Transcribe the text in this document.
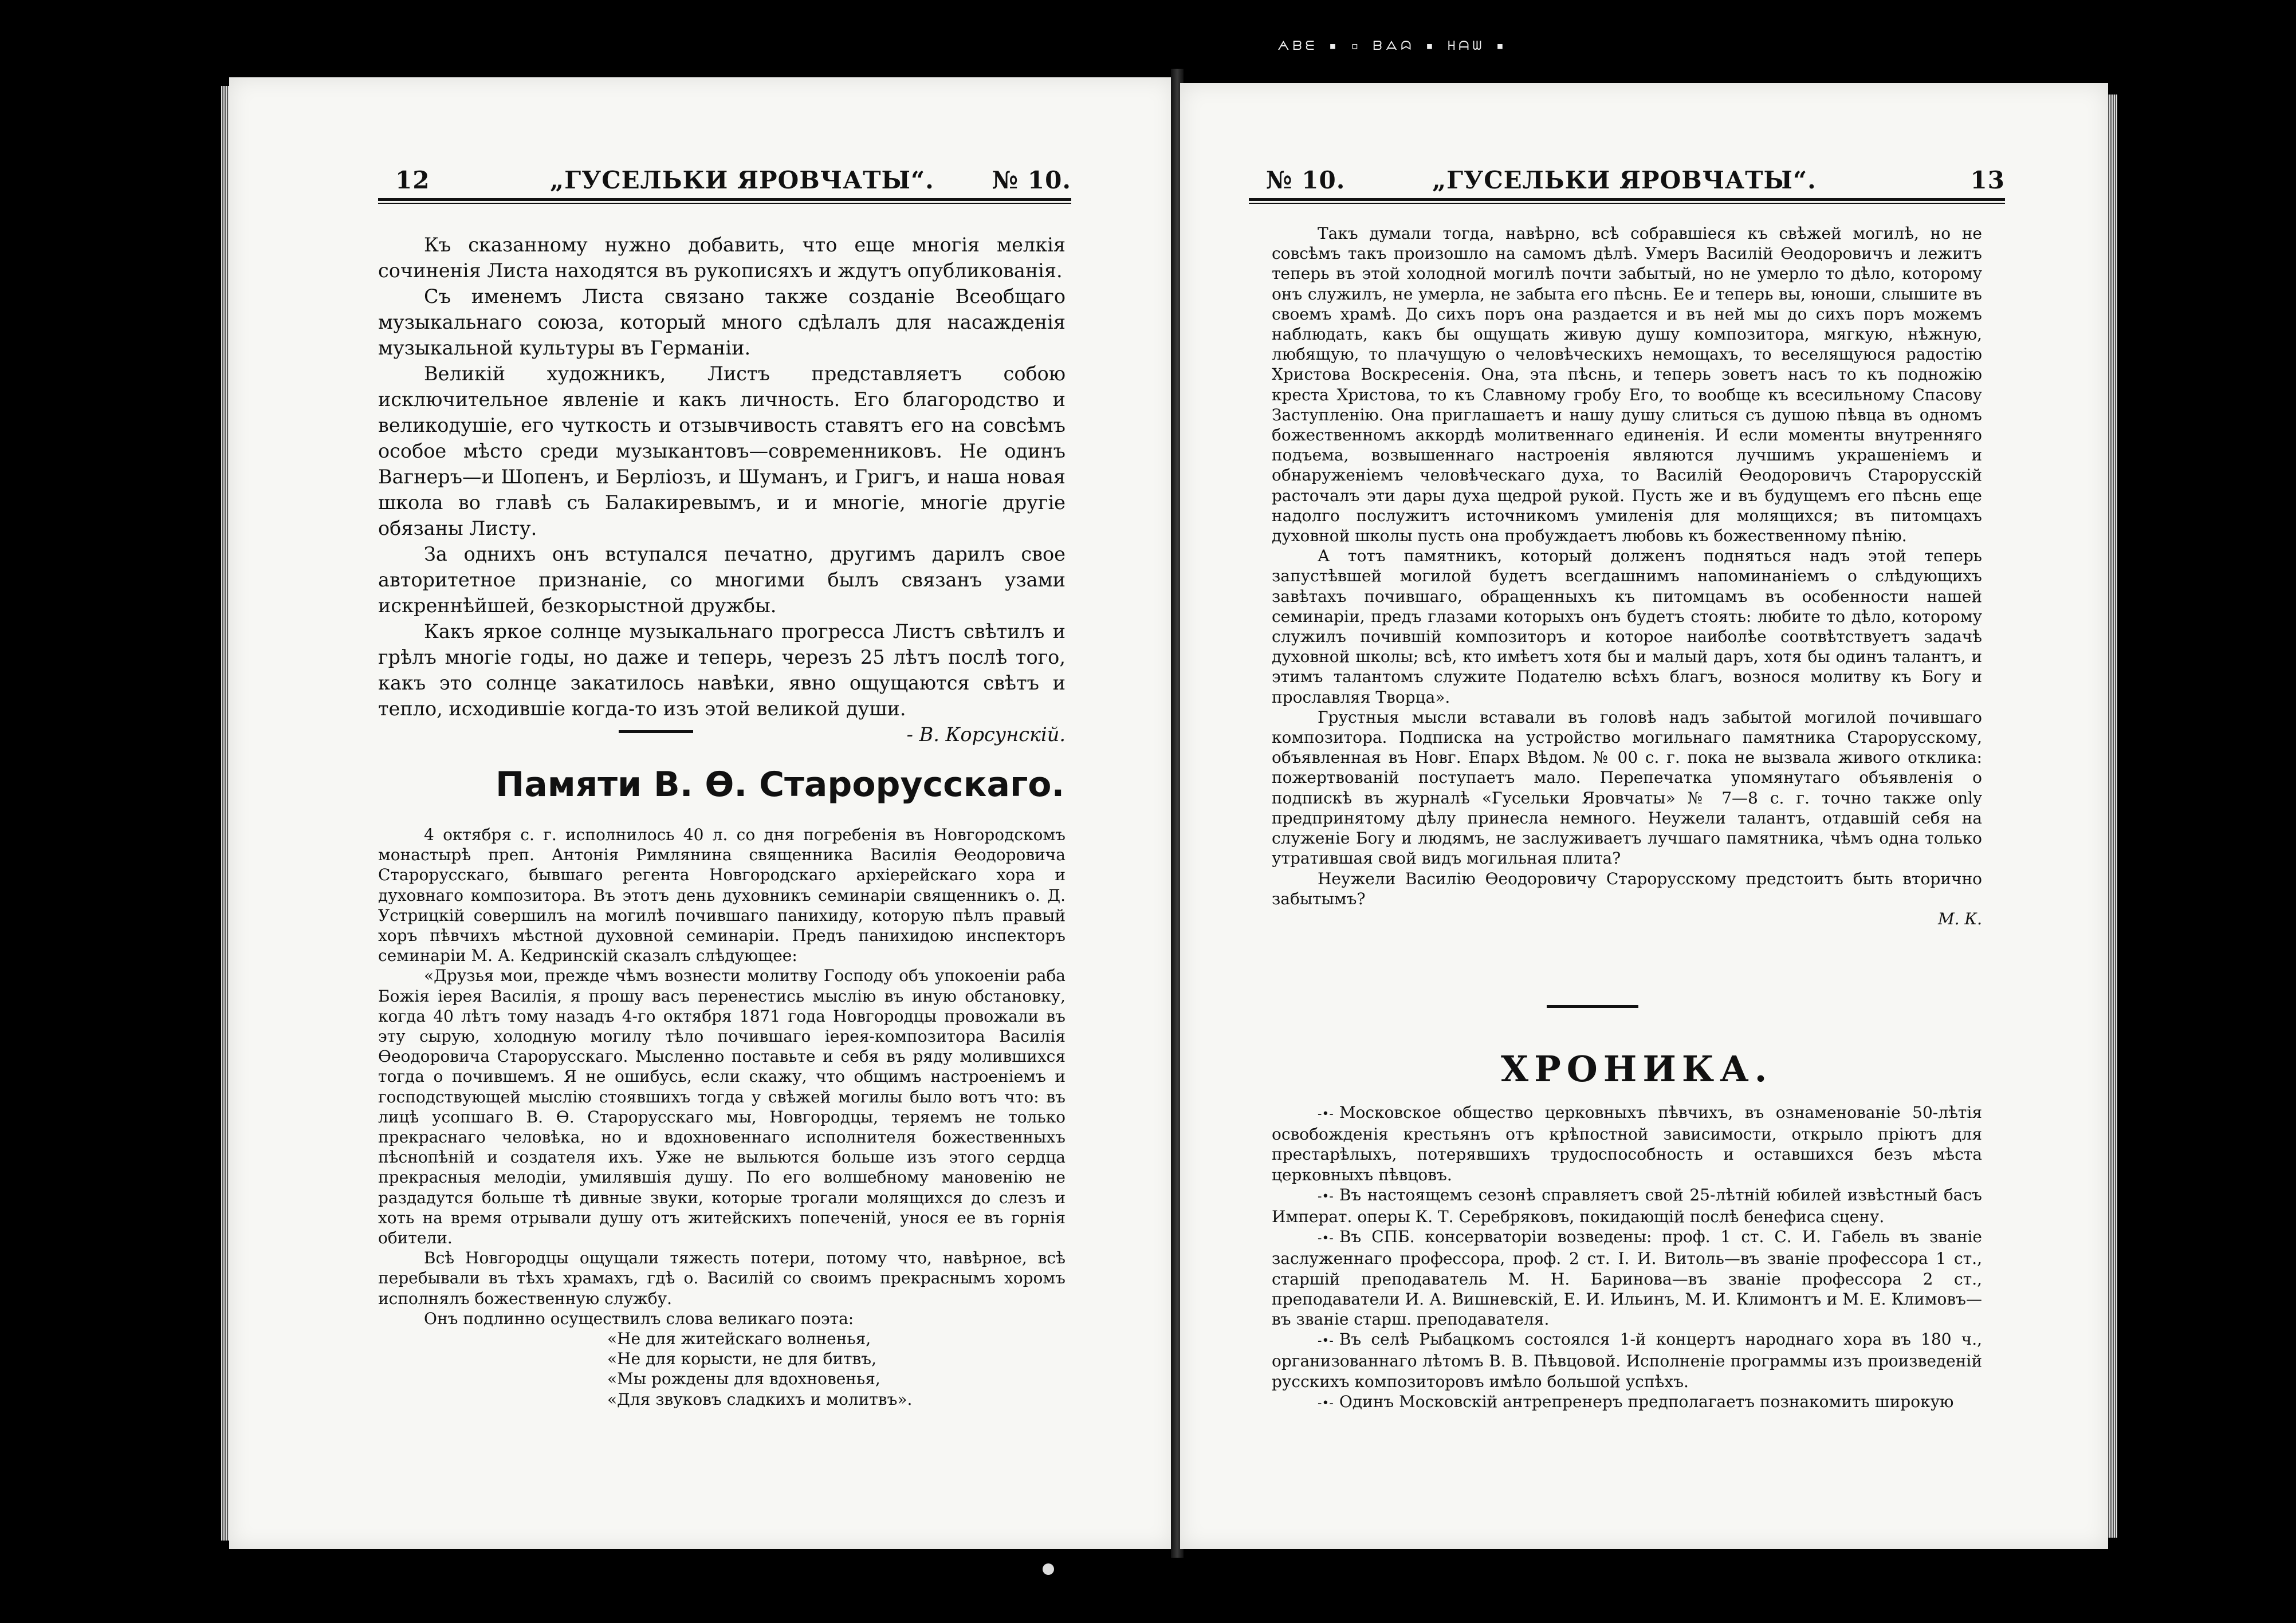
ᗅᗷᗴ ▪ ▫ ᗷᗋᗣ ▪ ᕼᗩᗯ ▪
12	„ГУСЕЛЬКИ ЯРОВЧАТЫ“. № 10.

Къ сказанному нужно добавить, что еще многія мелкія сочиненія Листа находятся въ рукописяхъ и ждутъ опубликованія.

Съ именемъ Листа связано также созданіе Всеобщаго музыкальнаго союза, который много сдѣлалъ для насажденія музыкальной культуры въ Германіи.

Великій художникъ, Листъ представляетъ собою исключительное явленіе и какъ личность. Его благородство и великодушіе, его чуткость и отзывчивость ставятъ его на совсѣмъ особое мѣсто среди музыкантовъ—современниковъ. Не одинъ Вагнеръ—и Шопенъ, и Берліозъ, и Шуманъ, и Григъ, и наша новая школа во главѣ съ Балакиревымъ, и и многіе, многіе другіе обязаны Листу.

За однихъ онъ вступался печатно, другимъ дарилъ свое авторитетное признаніе, со многими былъ связанъ узами искреннѣйшей, безкорыстной дружбы.

Какъ яркое солнце музыкальнаго прогресса Листъ свѣтилъ и грѣлъ многіе годы, но даже и теперь, черезъ 25 лѣтъ послѣ того, какъ это солнце закатилось навѣки, явно ощущаются свѣтъ и тепло, исходившіе когда-то изъ этой великой души.
- В. Корсунскій.

Памяти В. Ѳ. Старорусскаго.

4 октября с. г. исполнилось 40 л. со дня погребенія въ Новгородскомъ монастырѣ преп. Антонія Римлянина священника Василія Ѳеодоровича Старорусскаго, бывшаго регента Новгородскаго архіерейскаго хора и духовнаго композитора. Въ этотъ день духовникъ семинаріи священникъ о. Д. Устрицкій совершилъ на могилѣ почившаго панихиду, которую пѣлъ правый хоръ пѣвчихъ мѣстной духовной семинаріи. Предъ панихидою инспекторъ семинаріи М. А. Кедринскій сказалъ слѣдующее:

«Друзья мои, прежде чѣмъ вознести молитву Господу объ упокоеніи раба Божія іерея Василія, я прошу васъ перенестись мыслію въ иную обстановку, когда 40 лѣтъ тому назадъ 4-го октября 1871 года Новгородцы провожали въ эту сырую, холодную могилу тѣло почившаго іерея-композитора Василія Ѳеодоровича Старорусскаго. Мысленно поставьте и себя въ ряду молившихся тогда о почившемъ. Я не ошибусь, если скажу, что общимъ настроеніемъ и господствующей мыслію стоявшихъ тогда у свѣжей могилы было вотъ что: въ лицѣ усопшаго В. Ѳ. Старорусскаго мы, Новгородцы, теряемъ не только прекраснаго человѣка, но и вдохновеннаго исполнителя божественныхъ пѣснопѣній и создателя ихъ. Уже не выльются больше изъ этого сердца прекрасныя мелодіи, умилявшія душу. По его волшебному мановенію не раздадутся больше тѣ дивные звуки, которые трогали молящихся до слезъ и хоть на время отрывали душу отъ житейскихъ попеченій, унося ее въ горнія обители.

Всѣ Новгородцы ощущали тяжесть потери, потому что, навѣрное, всѣ перебывали въ тѣхъ храмахъ, гдѣ о. Василій со своимъ прекраснымъ хоромъ исполнялъ божественную службу.

Онъ подлинно осуществилъ слова великаго поэта:

«Не для житейскаго волненья,

«Не для корысти, не для битвъ,

«Мы рождены для вдохновенья,

«Для звуковъ сладкихъ и молитвъ».

№ 10.	„ГУСЕЛЬКИ ЯРОВЧАТЫ“.	13

Такъ думали тогда, навѣрно, всѣ собравшіеся къ свѣжей могилѣ, но не совсѣмъ такъ произошло на самомъ дѣлѣ. Умеръ Василій Ѳеодоровичъ и лежитъ теперь въ этой холодной могилѣ почти забытый, но не умерло то дѣло, которому онъ служилъ, не умерла, не забыта его пѣснь. Ее и теперь вы, юноши, слышите въ своемъ храмѣ. До сихъ поръ она раздается и въ ней мы до сихъ поръ можемъ наблюдать, какъ бы ощущать живую душу композитора, мягкую, нѣжную, любящую, то плачущую о человѣческихъ немощахъ, то веселящуюся радостію Христова Воскресенія. Она, эта пѣснь, и теперь зоветъ насъ то къ подножію креста Христова, то къ Славному гробу Его, то вообще къ всесильному Спасову Заступленію. Она приглашаетъ и нашу душу слиться съ душою пѣвца въ одномъ божественномъ аккордѣ молитвеннаго единенія. И если моменты внутренняго подъема, возвышеннаго настроенія являются лучшимъ украшеніемъ и обнаруженіемъ человѣческаго духа, то Василій Ѳеодоровичъ Старорусскій расточалъ эти дары духа щедрой рукой. Пусть же и въ будущемъ его пѣснь еще надолго послужитъ источникомъ умиленія для молящихся; въ питомцахъ духовной школы пусть она пробуждаетъ любовь къ божественному пѣнію.

А тотъ памятникъ, который долженъ подняться надъ этой теперь запустѣвшей могилой будетъ всегдашнимъ напоминаніемъ о слѣдующихъ завѣтахъ почившаго, обращенныхъ къ питомцамъ въ особенности нашей семинаріи, предъ глазами которыхъ онъ будетъ стоять: любите то дѣло, которому служилъ почившій композиторъ и которое наиболѣе соотвѣтствуетъ задачѣ духовной школы; всѣ, кто имѣетъ хотя бы и малый даръ, хотя бы одинъ талантъ, и этимъ талантомъ служите Подателю всѣхъ благъ, вознося молитву къ Богу и прославляя Творца».

Грустныя мысли вставали въ головѣ надъ забытой могилой почившаго композитора. Подписка на устройство могильнаго памятника Старорусскому, объявленная въ Новг. Епарх Вѣдом. № 00 с. г. пока не вызвала живого отклика: пожертвованій поступаетъ мало. Перепечатка упомянутаго объявленія о подпискѣ въ журналѣ «Гусельки Яровчаты» № 7—8 с. г. точно также only предпринятому дѣлу принесла немного. Неужели талантъ, отдавшій себя на служеніе Богу и людямъ, не заслуживаетъ лучшаго памятника, чѣмъ одна только утратившая свой видъ могильная плита?

Неужели Василію Ѳеодоровичу Старорусскому предстоитъ быть вторично забытымъ?

М. К.

ХРОНИКА.

-•- Московское общество церковныхъ пѣвчихъ, въ ознаменованіе 50-лѣтія освобожденія крестьянъ отъ крѣпостной зависимости, открыло пріютъ для престарѣлыхъ, потерявшихъ трудоспособность и оставшихся безъ мѣста церковныхъ пѣвцовъ.

-•- Въ настоящемъ сезонѣ справляетъ свой 25-лѣтній юбилей извѣстный басъ Императ. оперы К. Т. Серебряковъ, покидающій послѣ бенефиса сцену.

-•- Въ СПБ. консерваторіи возведены: проф. 1 ст. С. И. Габель въ званіе заслуженнаго профессора, проф. 2 ст. І. И. Витоль—въ званіе профессора 1 ст., старшій преподаватель М. Н. Баринова—въ званіе профессора 2 ст., преподаватели И. А. Вишневскій, Е. И. Ильинъ, М. И. Климонтъ и М. Е. Климовъ—въ званіе старш. преподавателя.

-•- Въ селѣ Рыбацкомъ состоялся 1-й концертъ народнаго хора въ 180 ч., организованнаго лѣтомъ В. В. Пѣвцовой. Исполненіе программы изъ произведеній русскихъ композиторовъ имѣло большой успѣхъ.

-•- Одинъ Московскій антрепренеръ предполагаетъ познакомить широкую
